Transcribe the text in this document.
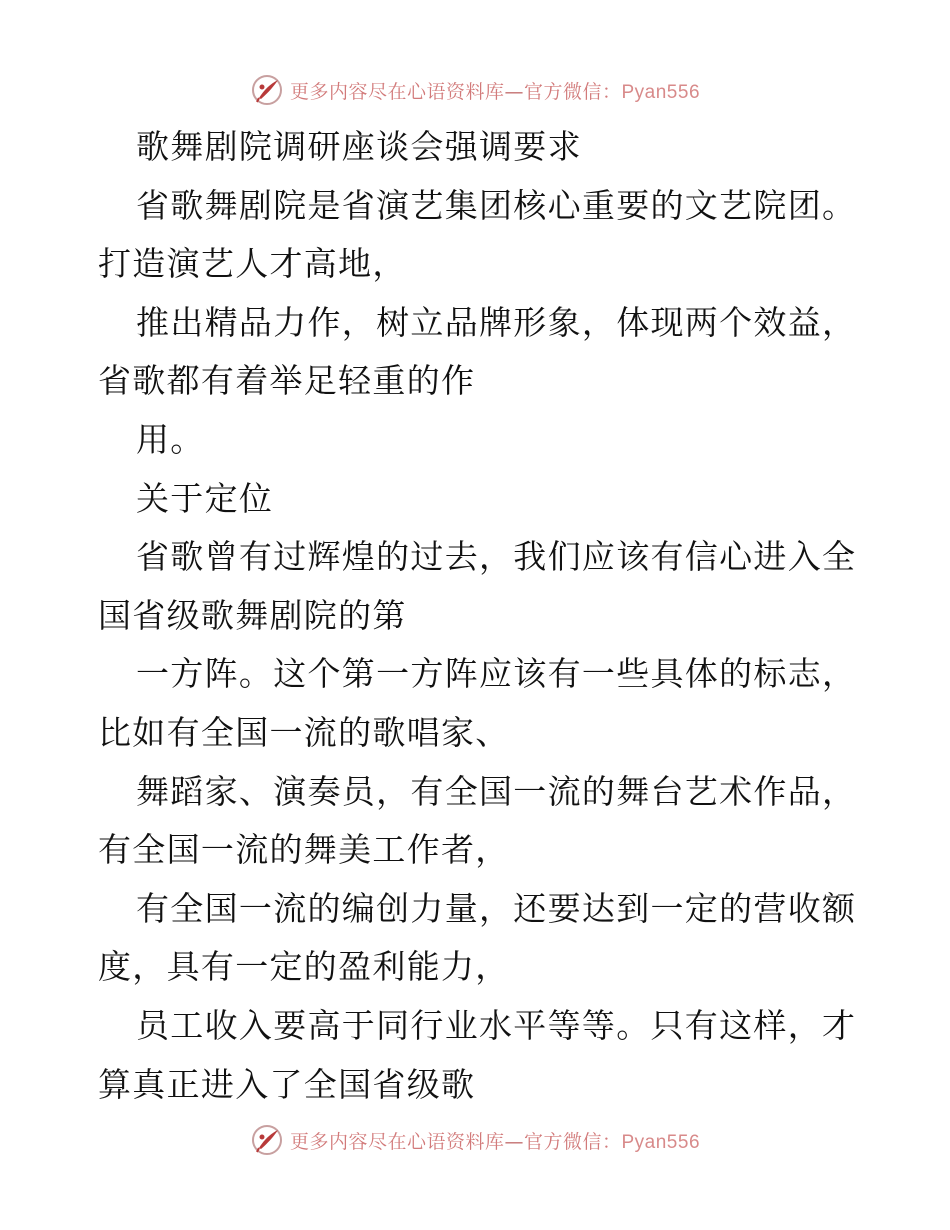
更多内容尽在心语资料库—官方微信：Pyan556
歌舞剧院调研座谈会强调要求
省歌舞剧院是省演艺集团核心重要的文艺院团。
打造演艺人才高地，
推出精品力作，树立品牌形象，体现两个效益，
省歌都有着举足轻重的作
用。
关于定位
省歌曾有过辉煌的过去，我们应该有信心进入全
国省级歌舞剧院的第
一方阵。这个第一方阵应该有一些具体的标志，
比如有全国一流的歌唱家、
舞蹈家、演奏员，有全国一流的舞台艺术作品，
有全国一流的舞美工作者，
有全国一流的编创力量，还要达到一定的营收额
度，具有一定的盈利能力，
员工收入要高于同行业水平等等。只有这样，才
算真正进入了全国省级歌
更多内容尽在心语资料库—官方微信：Pyan556
